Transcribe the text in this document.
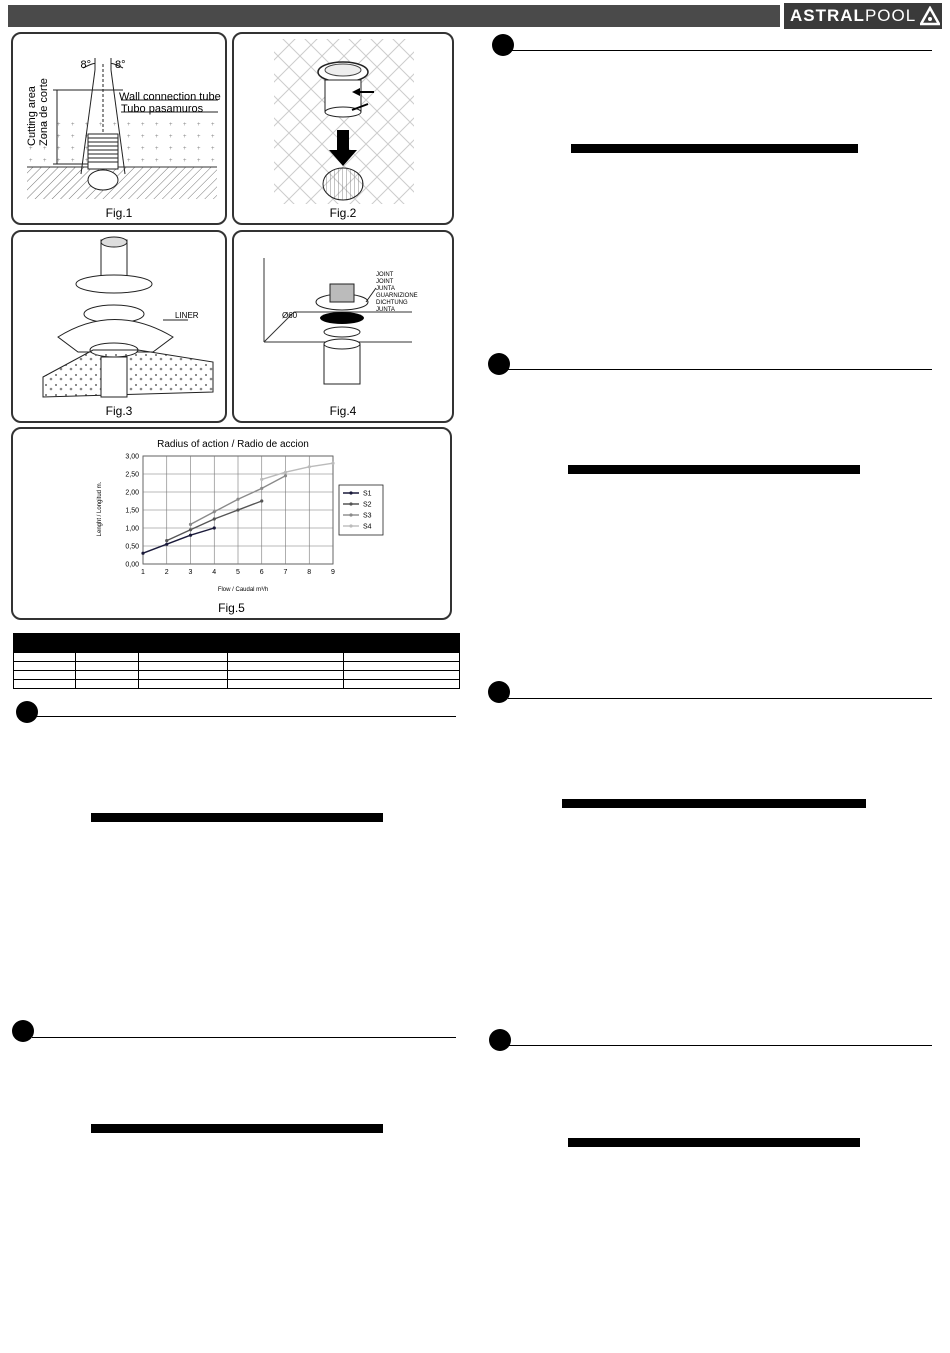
ASTRAL POOL
8° 8°
Wall connection tube
Tubo pasamuros
Cutting area Zona de corte
Fig.1	Fig.2
LINER
Fig.3
Ø60
JOINT
JOINT
JUNTA
GUARNIZIONE
DICHTUNG
JUNTA
Fig.4
Radius of action / Radio de accion
Flow / Caudal m³/h
Lenght / Longitud m.
1	2	3	4	5	6	7	8	9
0,00
0,50
1,00
1,50
2,00
2,50
3,00
S1
S2
S3
S4
Fig.5
